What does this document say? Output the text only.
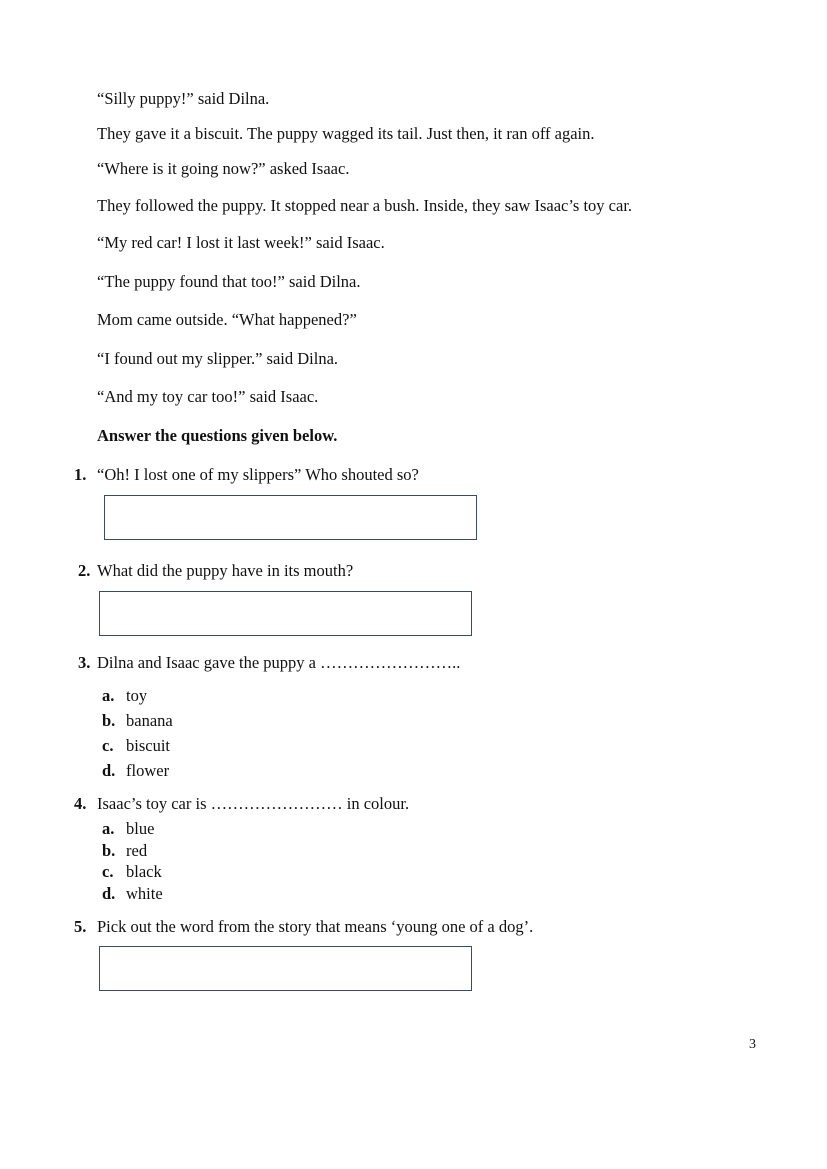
“Silly puppy!” said Dilna.
They gave it a biscuit. The puppy wagged its tail. Just then, it ran off again.
“Where is it going now?” asked Isaac.
They followed the puppy. It stopped near a bush. Inside, they saw Isaac’s toy car.
“My red car! I lost it last week!” said Isaac.
“The puppy found that too!” said Dilna.
Mom came outside. “What happened?”
“I found out my slipper.” said Dilna.
“And my toy car too!” said Isaac.
Answer the questions given below.
1. “Oh! I lost one of my slippers” Who shouted so?
2. What did the puppy have in its mouth?
3. Dilna and Isaac gave the puppy a ……………………..
a. toy
b. banana
c. biscuit
d. flower
4. Isaac’s toy car is …………………… in colour.
a. blue
b. red
c. black
d. white
5. Pick out the word from the story that means ‘young one of a dog’.
3
